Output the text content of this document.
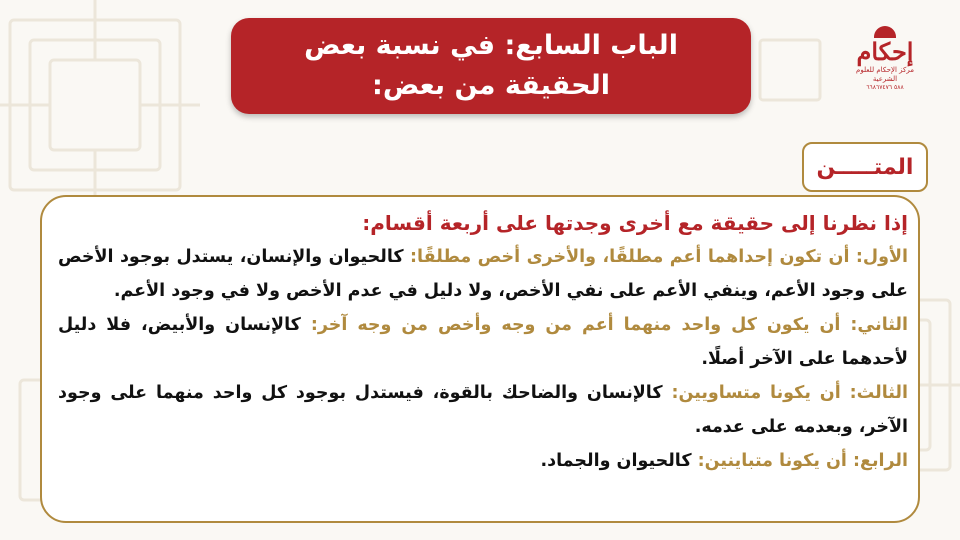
الباب السابع: في نسبة بعض
الحقيقة من بعض:
إحكام
مركز الإحكام للعلوم الشرعية
٥٨٨ ٦٦٨٦٧٤٧٦
المتـــــن
إذا نظرنا إلى حقيقة مع أخرى وجدتها على أربعة أقسام:

الأول: أن تكون إحداهما أعم مطلقًا، والأخرى أخص مطلقًا: كالحيوان والإنسان، يستدل بوجود الأخص على وجود الأعم، وينفي الأعم على نفي الأخص، ولا دليل في عدم الأخص ولا في وجود الأعم.

الثاني: أن يكون كل واحد منهما أعم من وجه وأخص من وجه آخر: كالإنسان والأبيض، فلا دليل لأحدهما على الآخر أصلًا.

الثالث: أن يكونا متساويين: كالإنسان والضاحك بالقوة، فيستدل بوجود كل واحد منهما على وجود الآخر، وبعدمه على عدمه.

الرابع: أن يكونا متباينين: كالحيوان والجماد.
